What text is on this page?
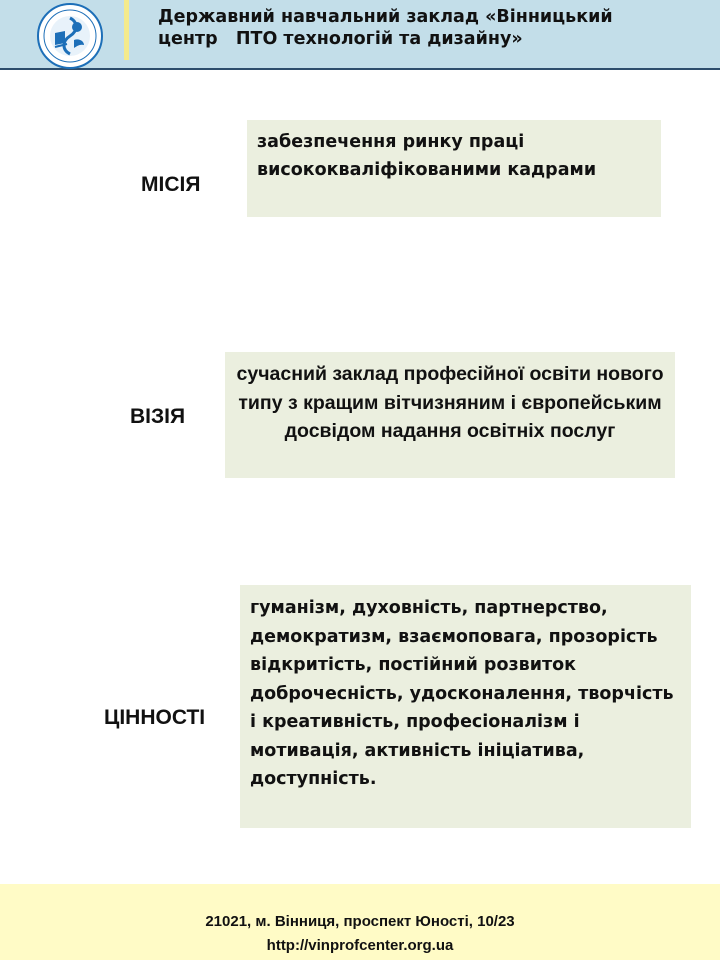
Державний навчальний заклад «Вінницький
центр   ПТО технологій та дизайну»
МІСІЯ
забезпечення ринку праці висококваліфікованими кадрами
ВІЗІЯ
сучасний заклад професійної освіти нового типу з кращим вітчизняним і європейським досвідом надання освітніх послуг
ЦІННОСТІ
гуманізм, духовність, партнерство, демократизм, взаємоповага, прозорість відкритість, постійний розвиток доброчесність, удосконалення, творчість і креативність, професіоналізм і мотивація, активність ініціатива, доступність.
21021, м. Вінниця, проспект Юності, 10/23
http://vinprofcenter.org.ua
